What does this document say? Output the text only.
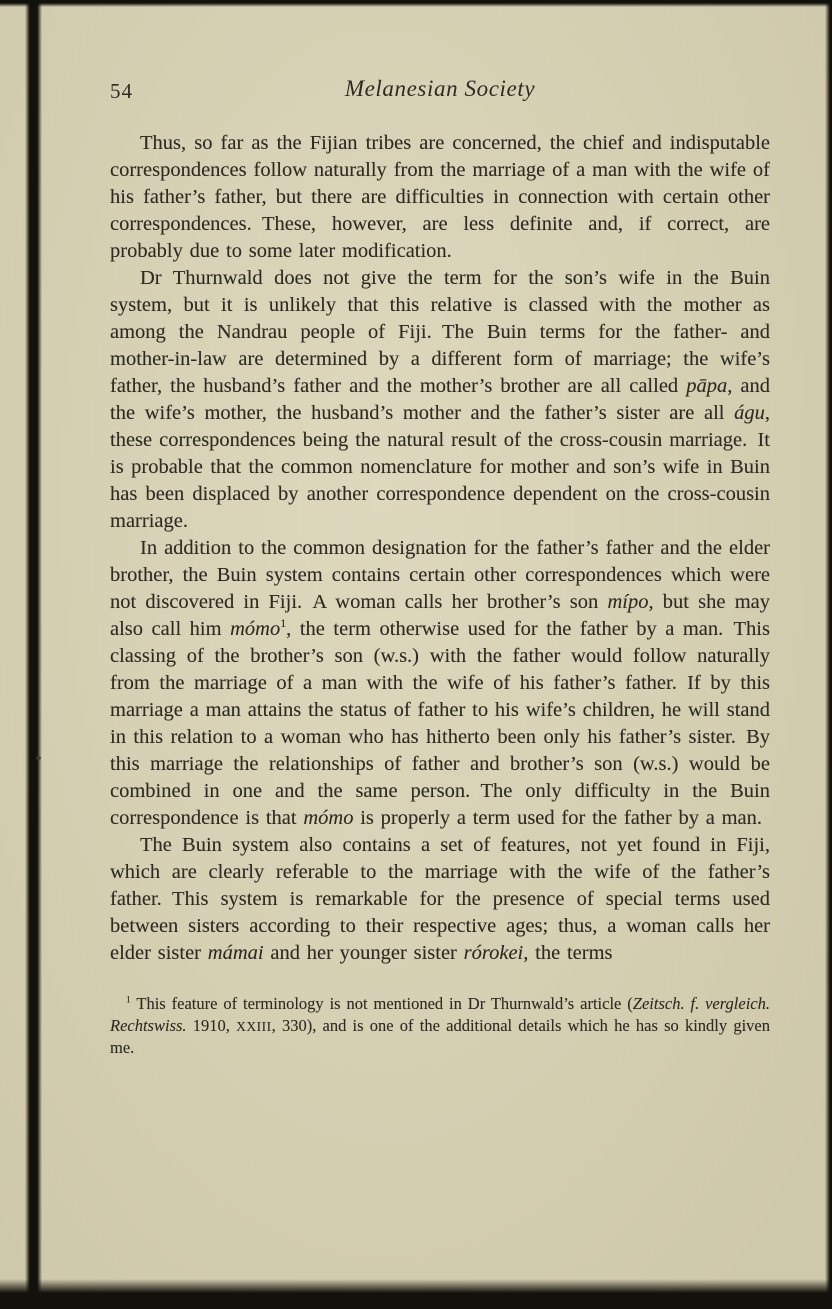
54	Melanesian Society

Thus, so far as the Fijian tribes are concerned, the chief and indisputable correspondences follow naturally from the marriage of a man with the wife of his father’s father, but there are difficulties in connection with certain other correspondences. These, however, are less definite and, if correct, are probably due to some later modification.

Dr Thurnwald does not give the term for the son’s wife in the Buin system, but it is unlikely that this relative is classed with the mother as among the Nandrau people of Fiji. The Buin terms for the father- and mother-in-law are determined by a different form of marriage; the wife’s father, the husband’s father and the mother’s brother are all called pāpa, and the wife’s mother, the husband’s mother and the father’s sister are all águ, these correspondences being the natural result of the cross-cousin marriage. It is probable that the common nomenclature for mother and son’s wife in Buin has been displaced by another correspondence dependent on the cross-cousin marriage.

In addition to the common designation for the father’s father and the elder brother, the Buin system contains certain other correspondences which were not discovered in Fiji. A woman calls her brother’s son mípo, but she may also call him mómo$^1$, the term otherwise used for the father by a man. This classing of the brother’s son (w.s.) with the father would follow naturally from the marriage of a man with the wife of his father’s father. If by this marriage a man attains the status of father to his wife’s children, he will stand in this relation to a woman who has hitherto been only his father’s sister. By this marriage the relationships of father and brother’s son (w.s.) would be combined in one and the same person. The only difficulty in the Buin correspondence is that mómo is properly a term used for the father by a man.

The Buin system also contains a set of features, not yet found in Fiji, which are clearly referable to the marriage with the wife of the father’s father. This system is remarkable for the presence of special terms used between sisters according to their respective ages; thus, a woman calls her elder sister mámai and her younger sister rórokei, the terms

$^1$ This feature of terminology is not mentioned in Dr Thurnwald’s article (Zeitsch. f. vergleich. Rechtswiss. 1910, XXIII, 330), and is one of the additional details which he has so kindly given me.
